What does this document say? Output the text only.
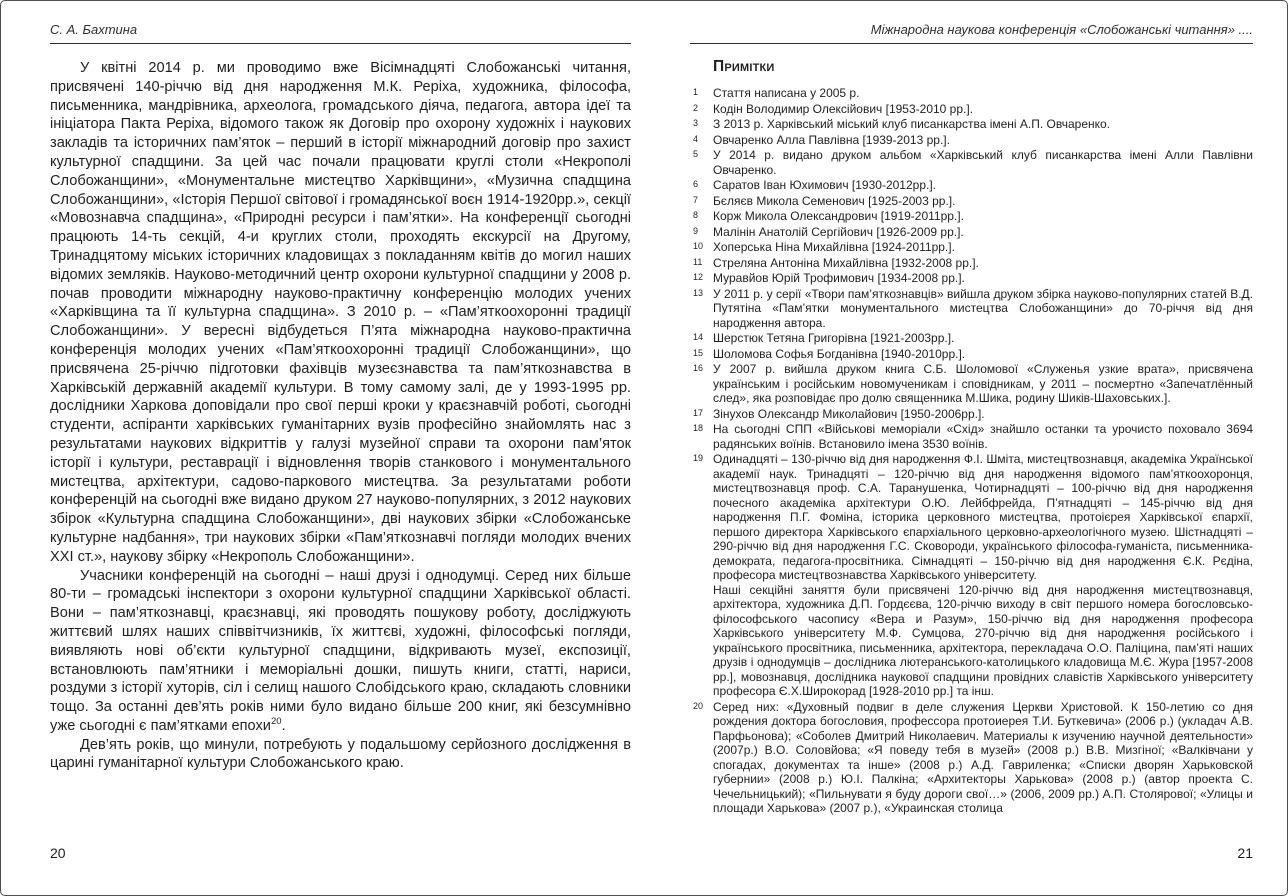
С. А. Бахтина

У квітні 2014 р. ми проводимо вже Вісімнадцяті Слобожанські читання, присвячені 140-річчю від дня народження М.К. Реріха, художника, філософа, письменника, мандрівника, археолога, громадського діяча, педагога, автора ідеї та ініціатора Пакта Реріха, відомого також як Договір про охорону художніх і наукових закладів та історичних пам’яток – перший в історії міжнародний договір про захист культурної спадщини. За цей час почали працювати круглі столи «Некрополі Слобожанщини», «Монументальне мистецтво Харківщини», «Музична спадщина Слобожанщини», «Історія Першої світової і громадянської воєн 1914-1920рр.», секції «Мовознавча спадщина», «Природні ресурси і пам’ятки». На конференції сьогодні працюють 14-ть секцій, 4-и круглих столи, проходять екскурсії на Другому, Тринадцятому міських історичних кладовищах з покладанням квітів до могил наших відомих земляків. Науково-методичний центр охорони культурної спадщини у 2008 р. почав проводити міжнародну науково-практичну конференцію молодих учених «Харківщина та її культурна спадщина». З 2010 р. – «Пам’яткоохоронні традиції Слобожанщини». У вересні відбудеться П’ята міжнародна науково-практична конференція молодих учених «Пам’яткоохоронні традиції Слобожанщини», що присвячена 25-річчю підготовки фахівців музеєзнавства та пам’яткознавства в Харківській державній академії культури. В тому самому залі, де у 1993-1995 рр. дослідники Харкова доповідали про свої перші кроки у краєзнавчій роботі, сьогодні студенти, аспіранти харківських гуманітарних вузів професійно знайомлять нас з результатами наукових відкриттів у галузі музейної справи та охорони пам’яток історії і культури, реставрації і відновлення творів станкового і монументального мистецтва, архітектури, садово-паркового мистецтва. За результатами роботи конференцій на сьогодні вже видано друком 27 науково-популярних, з 2012 наукових збірок «Культурна спадщина Слобожанщини», дві наукових збірки «Слобожанське культурне надбання», три наукових збірки «Пам’яткознавчі погляди молодих вчених XXI ст.», наукову збірку «Некрополь Слобожанщини».

Учасники конференцій на сьогодні – наші друзі і однодумці. Серед них більше 80-ти – громадські інспектори з охорони культурної спадщини Харківської області. Вони – пам’яткознавці, краєзнавці, які проводять пошукову роботу, досліджують життєвий шлях наших співвітчизників, їх життєві, художні, філософські погляди, виявляють нові об’єкти культурної спадщини, відкривають музеї, експозиції, встановлюють пам’ятники і меморіальні дошки, пишуть книги, статті, нариси, роздуми з історії хуторів, сіл і селищ нашого Слобідського краю, складають словники тощо. За останні дев’ять років ними було видано більше 200 книг, які безсумнівно уже сьогодні є пам’ятками епохи$^{20}$.

Дев’ять років, що минули, потребують у подальшому серйозного дослідження в царині гуманітарної культури Слобожанського краю.

20
Міжнародна наукова конференція «Слобожанські читання» ....
Примітки
1	Стаття написана у 2005 р.
2	Кодін Володимир Олексійович [1953-2010 рр.].
3	З 2013 р. Харківський міський клуб писанкарства імені А.П. Овчаренко.
4	Овчаренко Алла Павлівна [1939-2013 рр.].
5	У 2014 р. видано друком альбом «Харківський клуб писанкарства імені Алли Павлівни Овчаренко.
6	Саратов Іван Юхимович [1930-2012рр.].
7	Бєляєв Микола Семенович [1925-2003 рр.].
8	Корж Микола Олександрович [1919-2011рр.].
9	Малінін Анатолій Сергійович [1926-2009 рр.].
10 Хоперська Ніна Михайлівна [1924-2011рр.].
11 Стреляна Антоніна Михайлівна [1932-2008 рр.].
12 Муравйов Юрій Трофимович [1934-2008 рр.].
13 У 2011 р. у серії «Твори пам’яткознавців» вийшла друком збірка науково-популярних статей В.Д. Путятіна «Пам’ятки монументального мистецтва Слобожанщини» до 70-річчя від дня народження автора.
14 Шерстюк Тетяна Григорівна [1921-2003рр.].
15 Шоломова Софья Богданівна [1940-2010рр.].
16 У 2007 р. вийшла друком книга С.Б. Шоломової «Служенья узкие врата», присвячена українським і російським новомученикам і сповідникам, у 2011 – посмертно «Запечатлённый след», яка розповідає про долю священника М.Шика, родину Шиків-Шаховських.].
17 Зінухов Олександр Миколайович [1950-2006рр.].
18 На сьогодні СПП «Військові меморіали «Схід» знайшло останки та урочисто поховало 3694 радянських воїнів. Встановило імена 3530 воїнів.
19 Одинадцяті – 130-річчю від дня народження Ф.І. Шміта, мистецтвознавця, академіка Української академії наук. Тринадцяті – 120-річчю від дня народження відомого пам’яткоохоронця, мистецтвознавця проф. С.А. Таранушенка, Чотирнадцяті – 100-річчю від дня народження почесного академіка архітектури О.Ю. Лейбфрейда, П’ятнадцяті – 145-річчю від дня народження П.Г. Фоміна, історика церковного мистецтва, протоієрея Харківської єпархії, першого директора Харківського єпархіального церковно-археологічного музею. Шістнадцяті – 290-річчю від дня народження Г.С. Сковороди, українського філософа-гуманіста, письменника-демократа, педагога-просвітника. Сімнадцяті – 150-річчю від дня народження Є.К. Рєдіна, професора мистецтвознавства Харківського університету.
Наші секційні заняття були присвячені 120-річчю від дня народження мистецтвознавця, архітектора, художника Д.П. Гордєєва, 120-річчю виходу в світ першого номера богословсько-філософського часопису «Вера и Разум», 150-річчю від дня народження професора Харківського університету М.Ф. Сумцова, 270-річчю від дня народження російського і українського просвітника, письменника, архітектора, перекладача О.О. Паліцина, пам’яті наших друзів і однодумців – дослідника лютеранського-католицького кладовища М.Є. Жура [1957-2008 рр.], мовознавця, дослідника наукової спадщини провідних славістів Харківського університету професора Є.Х.Широкорад [1928-2010 рр.] та інш.
20 Серед них: «Духовный подвиг в деле служения Церкви Христовой. К 150-летию со дня рождения доктора богословия, профессора протоиерея Т.И. Буткевича» (2006 р.) (укладач А.В. Парфьонова); «Соболев Дмитрий Николаевич. Материалы к изучению научной деятельности» (2007р.) В.О. Соловйова; «Я поведу тебя в музей» (2008 р.) В.В. Мизгіної; «Валківчани у спогадах, документах та інше» (2008 р.) А.Д. Гавриленка; «Списки дворян Харьковской губернии» (2008 р.) Ю.І. Палкіна; «Архитекторы Харькова» (2008 р.) (автор проекта С. Чечельницький); «Пильнувати я буду дороги свої…» (2006, 2009 рр.) А.П. Столярової; «Улицы и площади Харькова» (2007 р.), «Украинская столица
21
